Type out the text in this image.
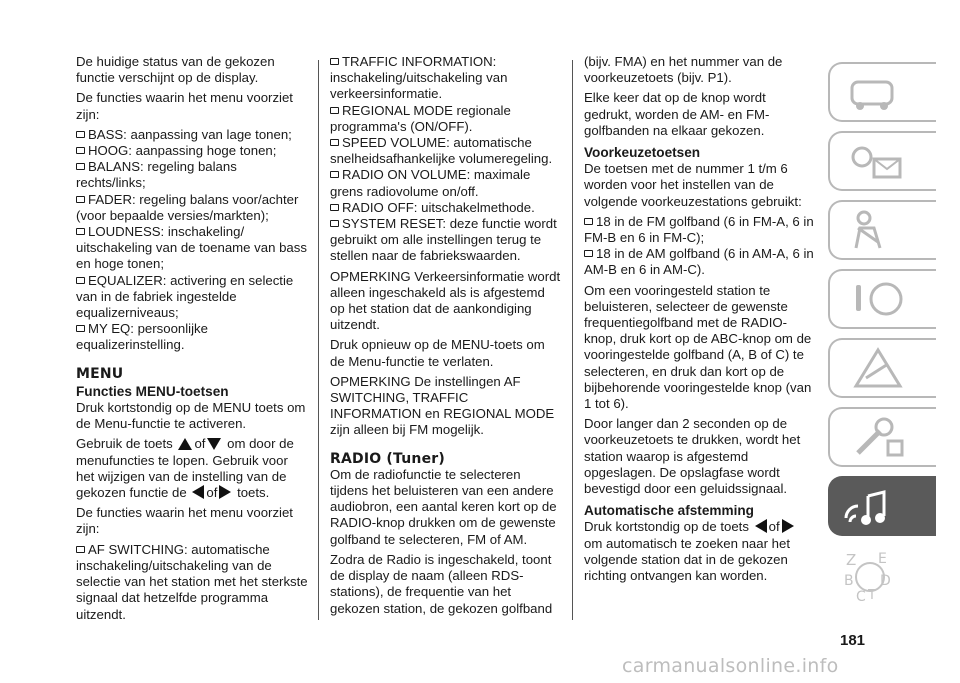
De huidige status van de gekozen functie verschijnt op de display.

De functies waarin het menu voorziet zijn:

BASS: aanpassing van lage tonen;
HOOG: aanpassing hoge tonen;
BALANS: regeling balans rechts/links;
FADER: regeling balans voor/achter (voor bepaalde versies/markten);
LOUDNESS: inschakeling/ uitschakeling van de toename van bass en hoge tonen;
EQUALIZER: activering en selectie van in de fabriek ingestelde equalizerniveaus;
MY EQ: persoonlijke equalizerinstelling.
MENU
Functies MENU-toetsen

Druk kortstondig op de MENU toets om de Menu-functie te activeren.

Gebruik de toets of om door de menufuncties te lopen. Gebruik voor het wijzigen van de instelling van de gekozen functie de of toets.

De functies waarin het menu voorziet zijn:

AF SWITCHING: automatische inschakeling/uitschakeling van de selectie van het station met het sterkste signaal dat hetzelfde programma uitzendt.
TRAFFIC INFORMATION: inschakeling/uitschakeling van verkeersinformatie.
REGIONAL MODE regionale programma's (ON/OFF).
SPEED VOLUME: automatische snelheidsafhankelijke volumeregeling.
RADIO ON VOLUME: maximale grens radiovolume on/off.
RADIO OFF: uitschakelmethode.
SYSTEM RESET: deze functie wordt gebruikt om alle instellingen terug te stellen naar de fabriekswaarden.

OPMERKING Verkeersinformatie wordt alleen ingeschakeld als is afgestemd op het station dat de aankondiging uitzendt.

Druk opnieuw op de MENU-toets om de Menu-functie te verlaten.

OPMERKING De instellingen AF SWITCHING, TRAFFIC INFORMATION en REGIONAL MODE zijn alleen bij FM mogelijk.

RADIO (Tuner)

Om de radiofunctie te selecteren tijdens het beluisteren van een andere audiobron, een aantal keren kort op de RADIO-knop drukken om de gewenste golfband te selecteren, FM of AM.

Zodra de Radio is ingeschakeld, toont de display de naam (alleen RDS-stations), de frequentie van het gekozen station, de gekozen golfband

(bijv. FMA) en het nummer van de voorkeuzetoets (bijv. P1).

Elke keer dat op de knop wordt gedrukt, worden de AM- en FM-golfbanden na elkaar gekozen.

Voorkeuzetoetsen

De toetsen met de nummer 1 t/m 6 worden voor het instellen van de volgende voorkeuzestations gebruikt:

18 in de FM golfband (6 in FM-A, 6 in FM-B en 6 in FM-C);
18 in de AM golfband (6 in AM-A, 6 in AM-B en 6 in AM-C).

Om een vooringesteld station te beluisteren, selecteer de gewenste frequentiegolfband met de RADIO-knop, druk kort op de ABC-knop om de vooringestelde golfband (A, B of C) te selecteren, en druk dan kort op de bijbehorende vooringestelde knop (van 1 tot 6).

Door langer dan 2 seconden op de voorkeuzetoets te drukken, wordt het station waarop is afgestemd opgeslagen. De opslagfase wordt bevestigd door een geluidssignaal.

Automatische afstemming

Druk kortstondig op de toets of om automatisch te zoeken naar het volgende station dat in de gekozen richting ontvangen kan worden.

Z E
B D
C T
181
carmanualsonline.info
